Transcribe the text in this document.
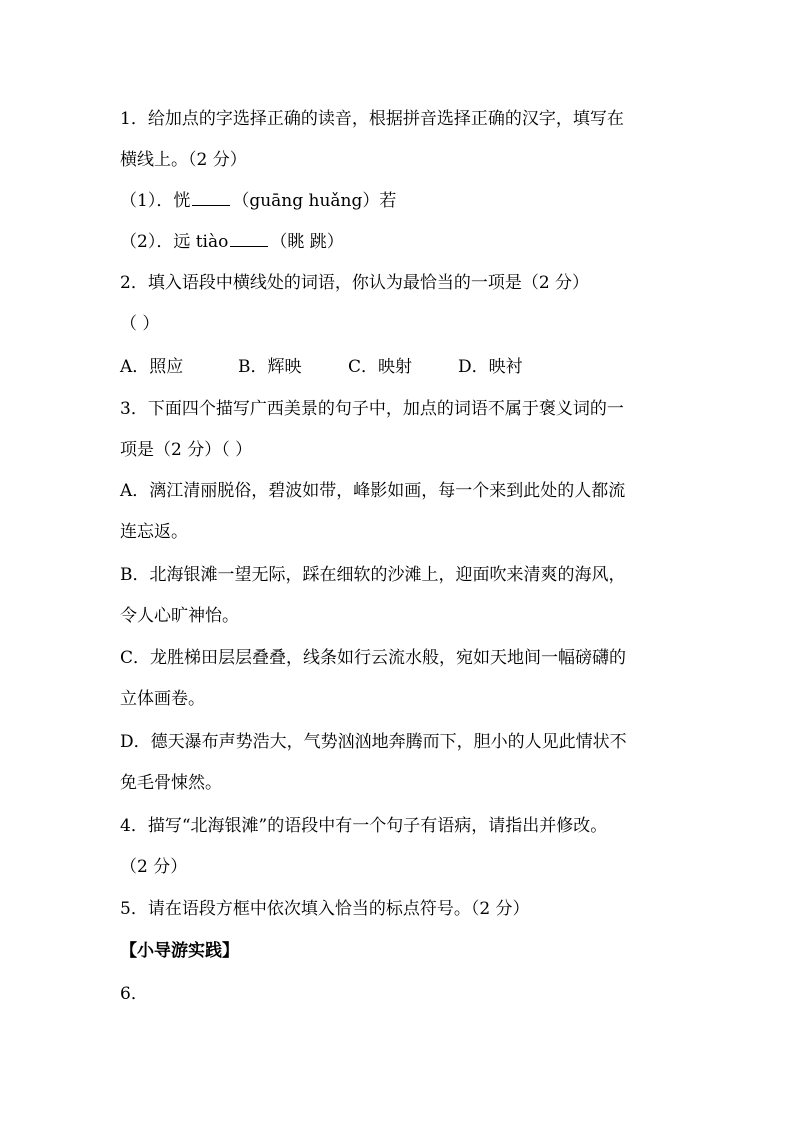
1．给加点的字选择正确的读音，根据拼音选择正确的汉字，填写在
横线上。（2 分）
（1）．恍 （guāng huǎng）若
（2）．远 tiào （眺 跳）
2．填入语段中横线处的词语，你认为最恰当的一项是（2 分）
（ ）
A．照应	B．辉映	C．映射	D．映衬
3．下面四个描写广西美景的句子中，加点的词语不属于褒义词的一
项是（2 分）（ ）
A．漓江清丽脱俗，碧波如带，峰影如画，每一个来到此处的人都流
连忘返。
B．北海银滩一望无际，踩在细软的沙滩上，迎面吹来清爽的海风，
令人心旷神怡。
C．龙胜梯田层层叠叠，线条如行云流水般，宛如天地间一幅磅礴的
立体画卷。
D．德天瀑布声势浩大，气势汹汹地奔腾而下，胆小的人见此情状不
免毛骨悚然。
4．描写“北海银滩”的语段中有一个句子有语病，请指出并修改。
（2 分）
5．请在语段方框中依次填入恰当的标点符号。（2 分）
【小导游实践】
6．
